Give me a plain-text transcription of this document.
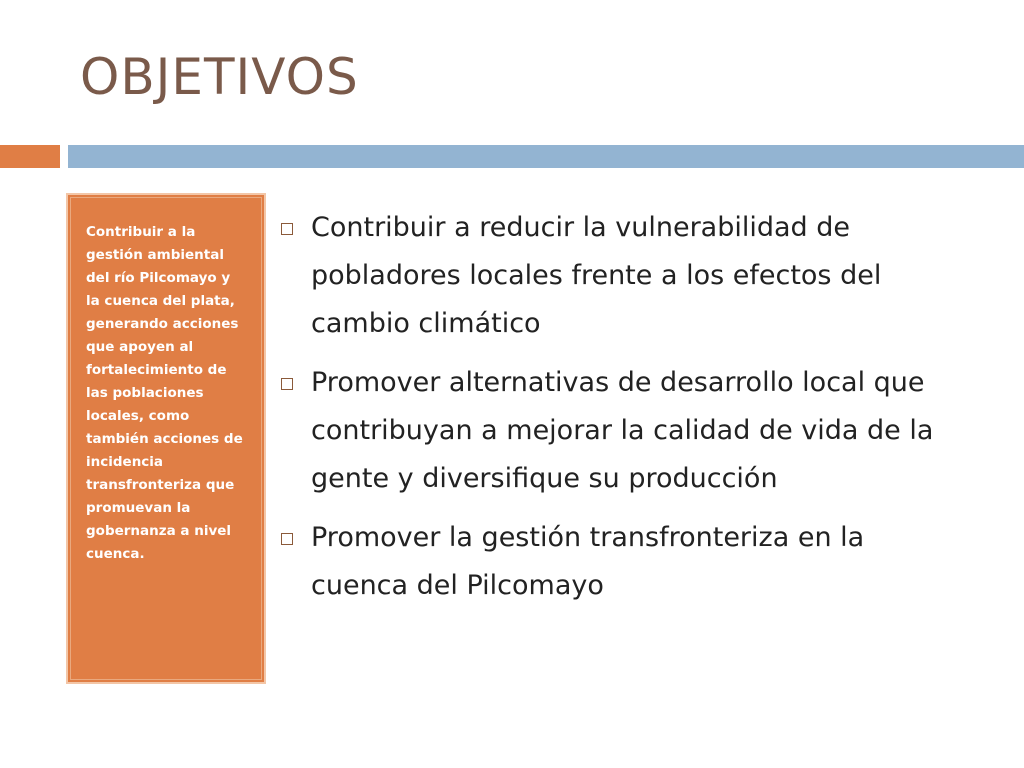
OBJETIVOS

Contribuir a la gestión ambiental del río Pilcomayo y la cuenca del plata, generando acciones que apoyen al fortalecimiento de las poblaciones locales, como también acciones de incidencia transfronteriza que promuevan la gobernanza a nivel cuenca.

Contribuir a reducir la vulnerabilidad de pobladores locales frente a los efectos del cambio climático
Promover alternativas de desarrollo local que contribuyan a mejorar la calidad de vida de la gente y diversifique su producción
Promover la gestión transfronteriza en la cuenca del Pilcomayo
